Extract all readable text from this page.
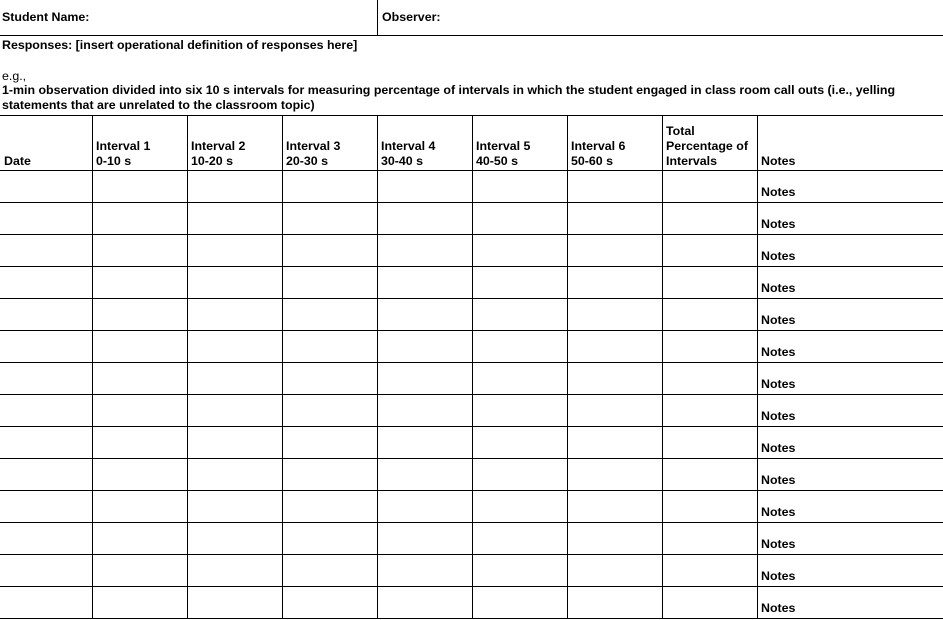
Student Name:	Observer:
Responses: [insert operational definition of responses here]
e.g.,
1-min observation divided into six 10 s intervals for measuring percentage of intervals in which the student engaged in class room call outs (i.e., yelling
statements that are unrelated to the classroom topic)
Date
Interval 1
0-10 s
Interval 2
10-20 s
Interval 3
20-30 s
Interval 4
30-40 s
Interval 5
40-50 s
Interval 6
50-60 s
Total
Percentage of
Intervals	Notes
Notes
Notes
Notes
Notes
Notes
Notes
Notes
Notes
Notes
Notes
Notes
Notes
Notes
Notes
